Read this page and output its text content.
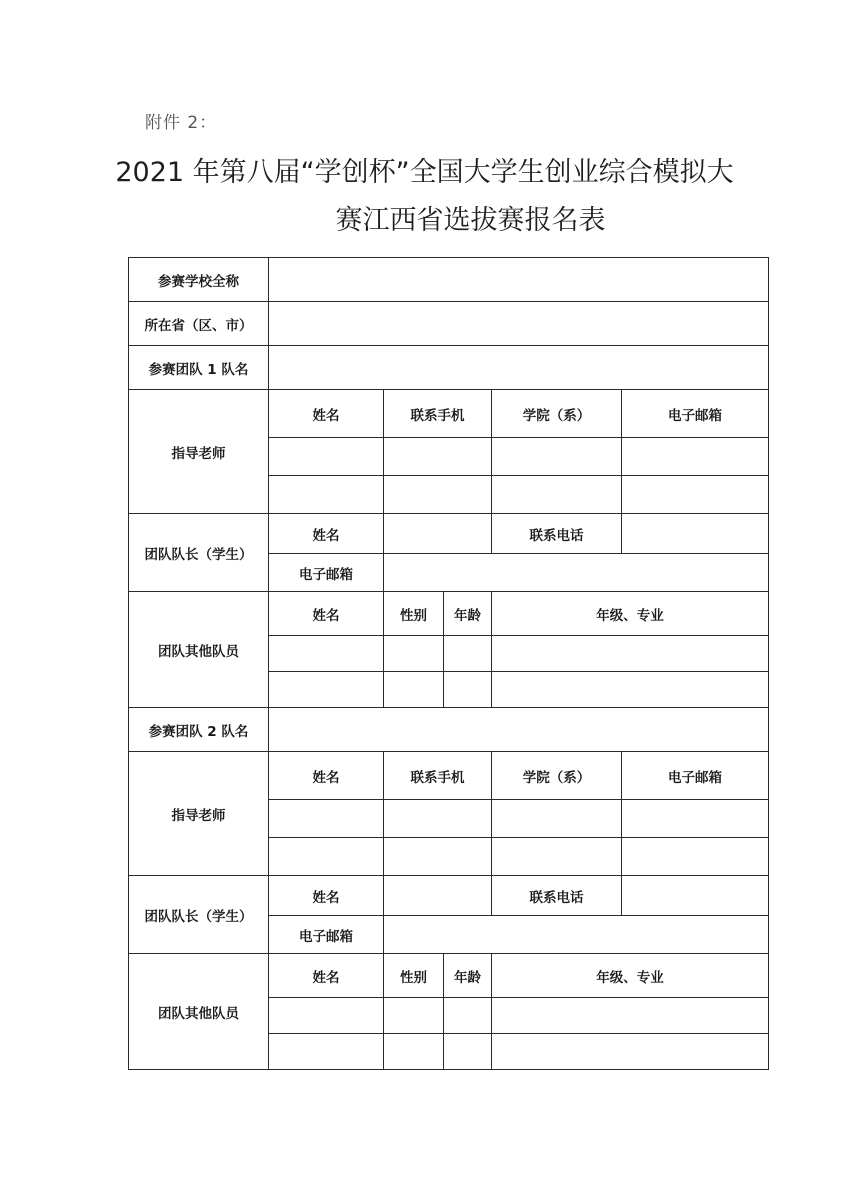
附件 2：
2021 年第八届“学创杯”全国大学生创业综合模拟大
赛江西省选拔赛报名表
参赛学校全称					
所在省（区、市）					
参赛团队 1 队名					
指导老师	姓名	联系手机		学院（系）	电子邮箱

团队队长（学生）	姓名			联系电话	
	电子邮箱				
团队其他队员	姓名	性别	年龄	年级、专业	

参赛团队 2 队名					
指导老师	姓名	联系手机		学院（系）	电子邮箱

团队队长（学生）	姓名			联系电话	
	电子邮箱				
团队其他队员	姓名	性别	年龄	年级、专业	
